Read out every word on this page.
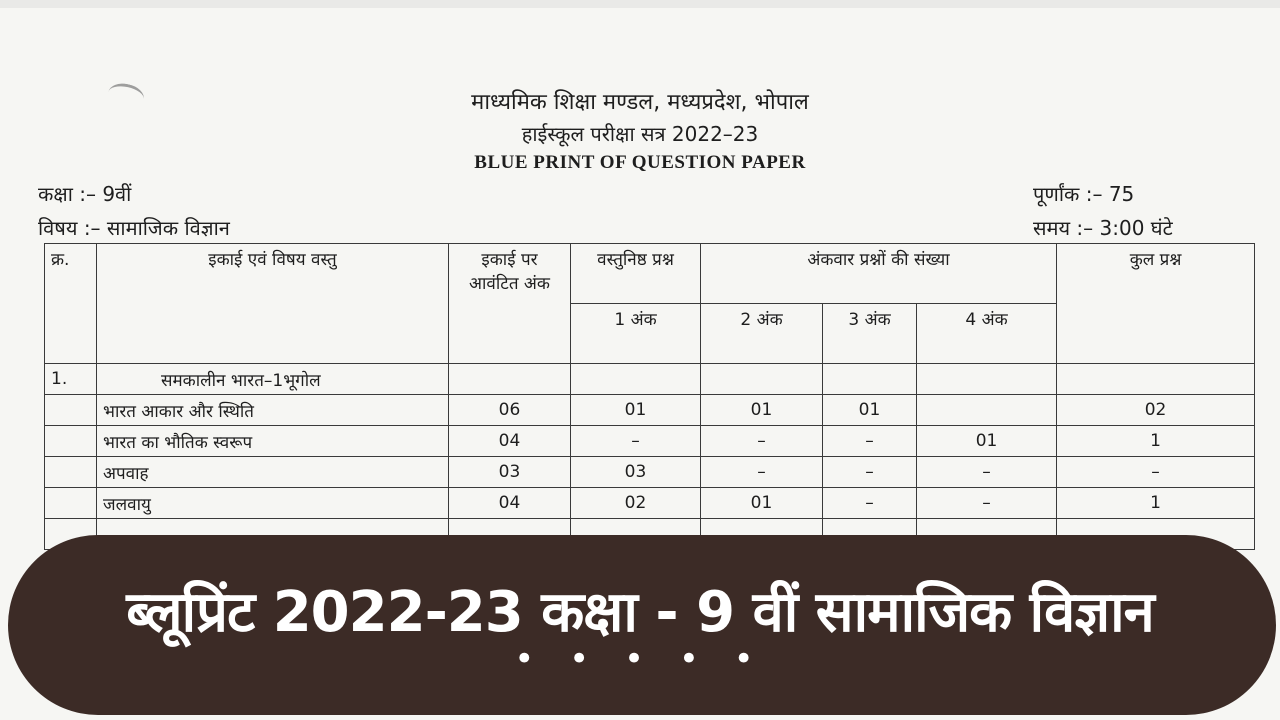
माध्यमिक शिक्षा मण्डल, मध्यप्रदेश, भोपाल
हाईस्कूल परीक्षा सत्र 2022–23
BLUE PRINT OF QUESTION PAPER
कक्षा :– 9वीं
विषय :– सामाजिक विज्ञान
पूर्णांक :– 75
समय :– 3:00 घंटे
क्र.	इकाई एवं विषय वस्तु	इकाई पर आवंटित अंक	वस्तुनिष्ठ प्रश्न	अंकवार प्रश्नों की संख्या			कुल प्रश्न
			1 अंक	2 अंक	3 अंक	4 अंक	
1.	समकालीन भारत–1भूगोल						
	भारत आकार और स्थिति	06	01	01	01		02
	भारत का भौतिक स्वरूप	04	–	–	–	01	1
	अपवाह	03	03	–	–	–	–
	जलवायु	04	02	01	–	–	1

ब्लूप्रिंट 2022-23 कक्षा - 9 वीं सामाजिक विज्ञान
• • • • •
